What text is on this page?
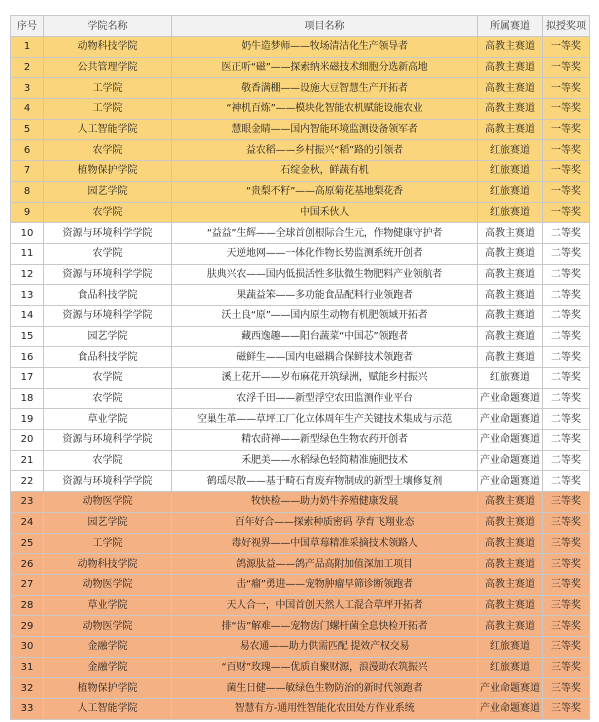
序号	学院名称	项目名称	所属赛道	拟授奖项
1	动物科技学院	奶牛造梦师——牧场清洁化生产领导者	高教主赛道	一等奖
2	公共管理学院	医正听“磁”——探索纳米磁技术细胞分选新高地	高教主赛道	一等奖
3	工学院	敬香满棚——设施大豆智慧生产开拓者	高教主赛道	一等奖
4	工学院	“神机百炼”——模块化智能农机赋能设施农业	高教主赛道	一等奖
5	人工智能学院	慧眼金睛——国内智能环境监测设备领军者	高教主赛道	一等奖
6	农学院	益农稻——乡村振兴“稻”路的引领者	红旅赛道	一等奖
7	植物保护学院	石绽金秋，鲜蔬有机	红旅赛道	一等奖
8	园艺学院	“贵梨不籽”——高原菊花基地梨花香	红旅赛道	一等奖
9	农学院	中国禾伙人	红旅赛道	一等奖
10	资源与环境科学学院	“益益”生辉——全球首创根际合生元，作物健康守护者	高教主赛道	二等奖
11	农学院	天逆地网——一体化作物长势监测系统开创者	高教主赛道	二等奖
12	资源与环境科学学院	肤典兴农——国内低损活性多肽微生物肥料产业领航者	高教主赛道	二等奖
13	食品科技学院	果蔬益笨——多功能食品配料行业领跑者	高教主赛道	二等奖
14	资源与环境科学学院	沃土良“原”——国内原生动物有机肥领域开拓者	高教主赛道	二等奖
15	园艺学院	藏西逸趣——阳台蔬菜“中国芯”领跑者	高教主赛道	二等奖
16	食品科技学院	磁鲜生——国内电磁耦合保鲜技术领跑者	高教主赛道	二等奖
17	农学院	溪上花开——岁布麻花开筑绿洲，赋能乡村振兴	红旅赛道	二等奖
18	农学院	农浮千田——新型浮空农田监测作业平台	产业命题赛道	二等奖
19	草业学院	空巢生革——草坪工厂化立体周年生产关键技术集成与示范	产业命题赛道	二等奖
20	资源与环境科学学院	精农莳禅——新型绿色生物农药开创者	产业命题赛道	二等奖
21	农学院	禾肥美——水稻绿色轻简精准施肥技术	产业命题赛道	二等奖
22	资源与环境科学学院	鹤瑶尽散——基于畸石育废弃物制成的新型土壤修复剂	产业命题赛道	二等奖
23	动物医学院	牧快检——助力奶牛养殖健康发展	高教主赛道	三等奖
24	园艺学院	百年好合——探索种质密码 孕育飞翔业态	高教主赛道	三等奖
25	工学院	毒好视界——中国草莓精准采摘技术领路人	高教主赛道	三等奖
26	动物科技学院	鸽源肽益——鸽产品高附加值深加工项目	高教主赛道	三等奖
27	动物医学院	击“瘤”勇进——宠物肿瘤早筛诊断领跑者	高教主赛道	三等奖
28	草业学院	天人合一，中国首创天然人工混合草坪开拓者	高教主赛道	三等奖
29	动物医学院	排“齿”解难——宠物齿门螺杆菌全息快检开拓者	高教主赛道	三等奖
30	金融学院	易农通——助力供需匹配 提效产权交易	红旅赛道	三等奖
31	金融学院	“百财”玫瑰——优质自聚财源，浪漫助农筑振兴	红旅赛道	三等奖
32	植物保护学院	菌生日健——敏绿色生物防治的新时代领跑者	产业命题赛道	三等奖
33	人工智能学院	智慧有方-通用性智能化农田处方作业系统	产业命题赛道	三等奖
